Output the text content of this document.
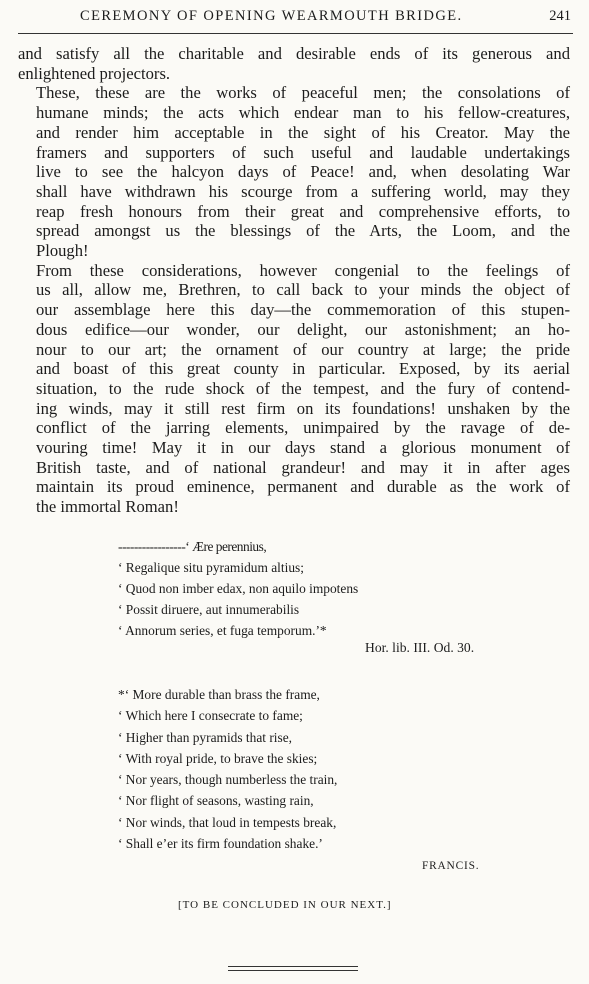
CEREMONY OF OPENING WEARMOUTH BRIDGE.	241

and satisfy all the charitable and desirable ends of its generous and
enlightened projectors.

These, these are the works of peaceful men; the consolations of
humane minds; the acts which endear man to his fellow-creatures,
and render him acceptable in the sight of his Creator. May the
framers and supporters of such useful and laudable undertakings
live to see the halcyon days of Peace! and, when desolating War
shall have withdrawn his scourge from a suffering world, may they
reap fresh honours from their great and comprehensive efforts, to
spread amongst us the blessings of the Arts, the Loom, and the
Plough!

From these considerations, however congenial to the feelings of
us all, allow me, Brethren, to call back to your minds the object of
our assemblage here this day—the commemoration of this stupen-
dous edifice—our wonder, our delight, our astonishment; an ho-
nour to our art; the ornament of our country at large; the pride
and boast of this great county in particular. Exposed, by its aerial
situation, to the rude shock of the tempest, and the fury of contend-
ing winds, may it still rest firm on its foundations! unshaken by the
conflict of the jarring elements, unimpaired by the ravage of de-
vouring time! May it in our days stand a glorious monument of
British taste, and of national grandeur! and may it in after ages
maintain its proud eminence, permanent and durable as the work of
the immortal Roman!

-----------------‘ Ære perennius,
‘ Regalique situ pyramidum altius;
‘ Quod non imber edax, non aquilo impotens
‘ Possit diruere, aut innumerabilis
‘ Annorum series, et fuga temporum.’*
Hor. lib. III. Od. 30.
*‘ More durable than brass the frame,
‘ Which here I consecrate to fame;
‘ Higher than pyramids that rise,
‘ With royal pride, to brave the skies;
‘ Nor years, though numberless the train,
‘ Nor flight of seasons, wasting rain,
‘ Nor winds, that loud in tempests break,
‘ Shall e’er its firm foundation shake.’
FRANCIS.
[TO BE CONCLUDED IN OUR NEXT.]
